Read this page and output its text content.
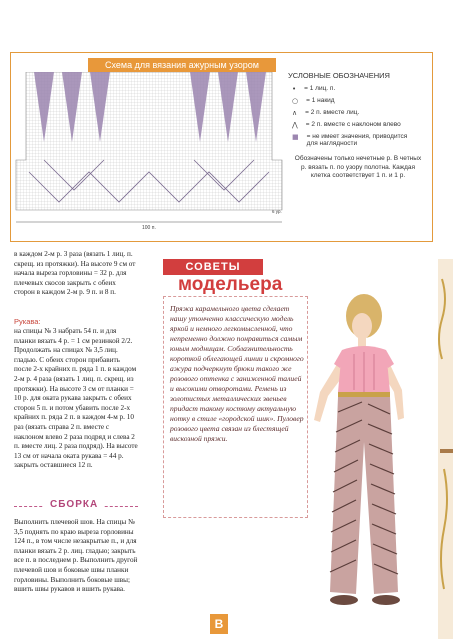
Схема для вязания ажурным узором
100 п.
6 ур.
УСЛОВНЫЕ ОБОЗНАЧЕНИЯ
• = 1 лиц. п.
○ = 1 накид
∧ = 2 п. вместе лиц.
⋀ = 2 п. вместе с наклоном влево
■ = не имеет значения, приводится для наглядности
Обозначены только нечетные р. В четных р. вязать п. по узору полотна. Каждая клетка соответствует 1 п. и 1 р.
в каждом 2-м р. 3 раза (вязать 1 лиц. п. скрещ. из протяжки). На высоте 9 см от начала выреза горловины = 32 р. для плечевых скосов закрыть с обеих сторон в каждом 2-м р. 9 п. и 8 п.
Рукава:
на спицы № 3 набрать 54 п. и для планки вязать 4 р. = 1 см резинкой 2/2. Продолжать на спицах № 3,5 лиц. гладью. С обеих сторон прибавить после 2-х крайних п. ряда 1 п. в каждом 2-м р. 4 раза (вязать 1 лиц. п. скрещ. из протяжки). На высоте 3 см от планки = 10 р. для оката рукава закрыть с обеих сторон 5 п. и потом убавить после 2-х крайних п. ряда 2 п. в каждом 4-м р. 10 раз (вязать справа 2 п. вместе с наклоном влево 2 раза подряд и слева 2 п. вместе лиц. 2 раза подряд). На высоте 13 см от начала оката рукава = 44 р. закрыть оставшиеся 12 п.
СБОРКА
Выполнить плечевой шов. На спицы № 3,5 поднять по краю выреза горловины 124 п., в том числе незакрытые п., и для планки вязать 2 р. лиц. гладью; закрыть все п. в последнем р. Выполнить другой плечевой шов и боковые швы планки горловины. Выполнить боковые швы; вшить швы рукавов и вшить рукава.
СОВЕТЫ
модельера
Пряжа карамельного цвета сделает нашу утонченно классическую модель яркой и немного легкомысленной, что непременно должно понравиться самым юным модницам. Соблазнительность короткой облегающей линии и скромного ажура подчеркнут брюки такого же розового оттенка с заниженной талией и высокими отворотами. Ремень из золотистых металлических звеньев придаст такому костюму актуальную нотку в стиле «городской шик». Пуловер розового цвета связан из блестящей вискозной пряжи.
В
